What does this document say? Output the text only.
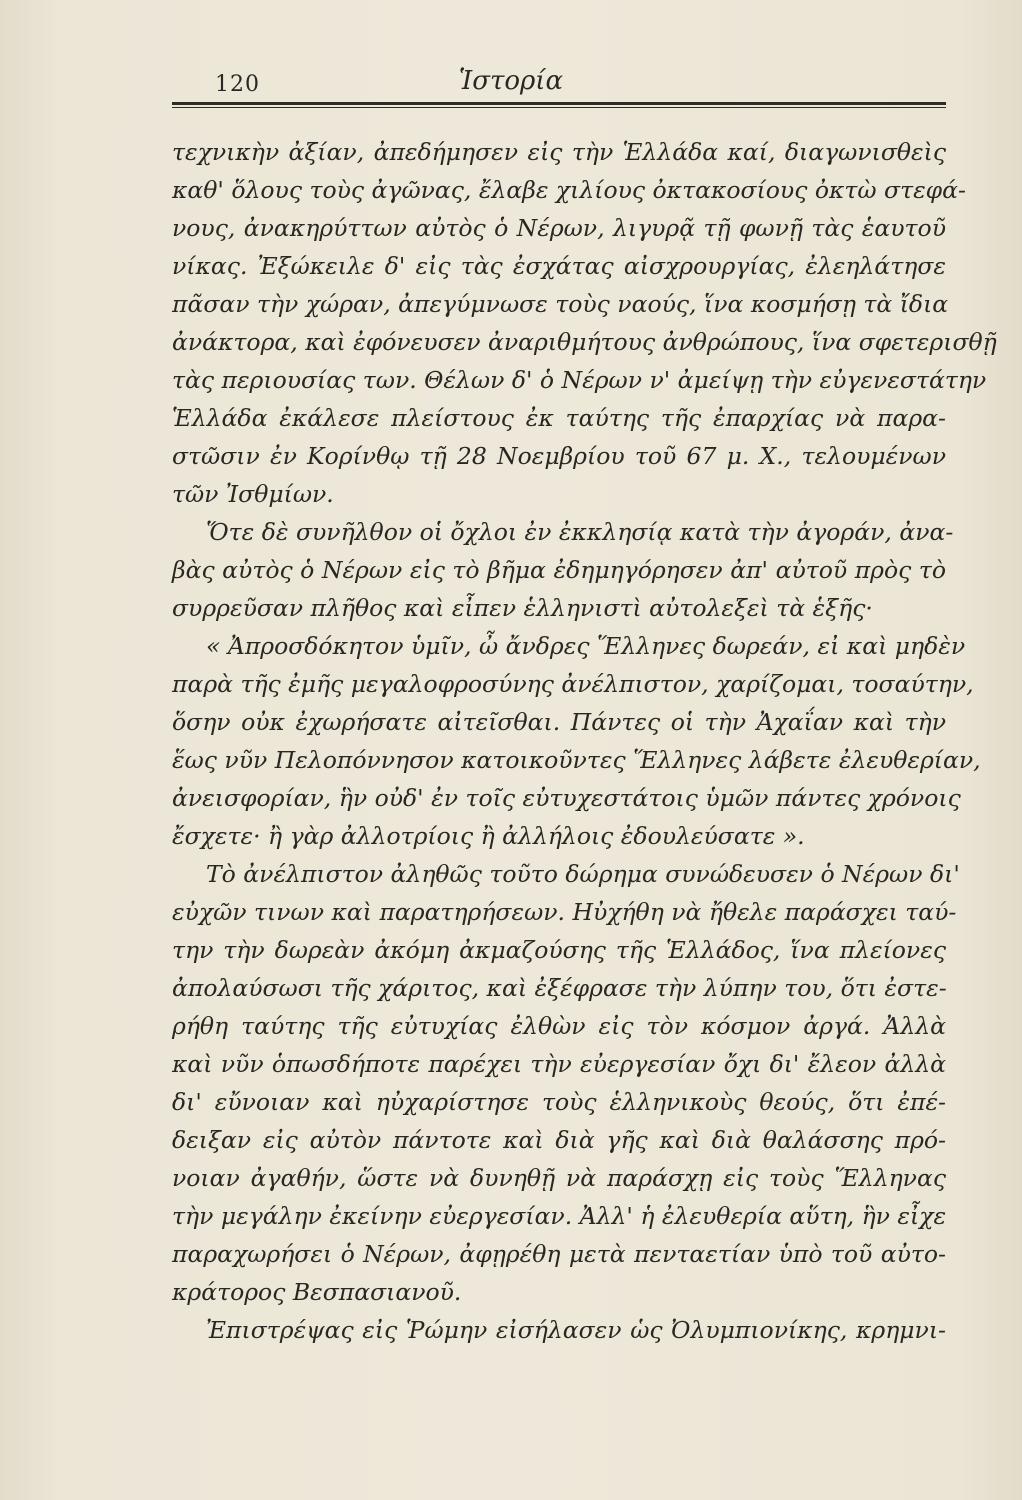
120	Ἱστορία
τεχνικὴν ἀξίαν, ἀπεδήμησεν εἰς τὴν Ἑλλάδα καί, διαγωνισθεὶς
καθ' ὅλους τοὺς ἀγῶνας, ἔλαβε χιλίους ὀκτακοσίους ὀκτὼ στεφά-
νους, ἀνακηρύττων αὐτὸς ὁ Νέρων, λιγυρᾷ τῇ φωνῇ τὰς ἑαυτοῦ
νίκας. Ἐξώκειλε δ' εἰς τὰς ἐσχάτας αἰσχρουργίας, ἐλεηλάτησε
πᾶσαν τὴν χώραν, ἀπεγύμνωσε τοὺς ναούς, ἵνα κοσμήσῃ τὰ ἴδια
ἀνάκτορα, καὶ ἐφόνευσεν ἀναριθμήτους ἀνθρώπους, ἵνα σφετερισθῇ
τὰς περιουσίας των. Θέλων δ' ὁ Νέρων ν' ἀμείψῃ τὴν εὐγενεστάτην
Ἑλλάδα ἐκάλεσε πλείστους ἐκ ταύτης τῆς ἐπαρχίας νὰ παρα-
στῶσιν ἐν Κορίνθῳ τῇ 28 Νοεμβρίου τοῦ 67 μ. Χ., τελουμένων
τῶν Ἰσθμίων.
Ὅτε δὲ συνῆλθον οἱ ὄχλοι ἐν ἐκκλησίᾳ κατὰ τὴν ἀγοράν, ἀνα-
βὰς αὐτὸς ὁ Νέρων εἰς τὸ βῆμα ἐδημηγόρησεν ἀπ' αὐτοῦ πρὸς τὸ
συρρεῦσαν πλῆθος καὶ εἶπεν ἑλληνιστὶ αὐτολεξεὶ τὰ ἑξῆς·
« Ἀπροσδόκητον ὑμῖν, ὦ ἄνδρες Ἕλληνες δωρεάν, εἰ καὶ μηδὲν
παρὰ τῆς ἐμῆς μεγαλοφροσύνης ἀνέλπιστον, χαρίζομαι, τοσαύτην,
ὅσην οὐκ ἐχωρήσατε αἰτεῖσθαι. Πάντες οἱ τὴν Ἀχαΐαν καὶ τὴν
ἕως νῦν Πελοπόννησον κατοικοῦντες Ἕλληνες λάβετε ἐλευθερίαν,
ἀνεισφορίαν, ἣν οὐδ' ἐν τοῖς εὐτυχεστάτοις ὑμῶν πάντες χρόνοις
ἔσχετε· ἢ γὰρ ἀλλοτρίοις ἢ ἀλλήλοις ἐδουλεύσατε ».
Τὸ ἀνέλπιστον ἀληθῶς τοῦτο δώρημα συνώδευσεν ὁ Νέρων δι'
εὐχῶν τινων καὶ παρατηρήσεων. Ηὐχήθη νὰ ἤθελε παράσχει ταύ-
την τὴν δωρεὰν ἀκόμη ἀκμαζούσης τῆς Ἑλλάδος, ἵνα πλείονες
ἀπολαύσωσι τῆς χάριτος, καὶ ἐξέφρασε τὴν λύπην του, ὅτι ἐστε-
ρήθη ταύτης τῆς εὐτυχίας ἐλθὼν εἰς τὸν κόσμον ἀργά. Ἀλλὰ
καὶ νῦν ὁπωσδήποτε παρέχει τὴν εὐεργεσίαν ὄχι δι' ἔλεον ἀλλὰ
δι' εὔνοιαν καὶ ηὐχαρίστησε τοὺς ἑλληνικοὺς θεούς, ὅτι ἐπέ-
δειξαν εἰς αὐτὸν πάντοτε καὶ διὰ γῆς καὶ διὰ θαλάσσης πρό-
νοιαν ἀγαθήν, ὥστε νὰ δυνηθῇ νὰ παράσχῃ εἰς τοὺς Ἕλληνας
τὴν μεγάλην ἐκείνην εὐεργεσίαν. Ἀλλ' ἡ ἐλευθερία αὕτη, ἣν εἶχε
παραχωρήσει ὁ Νέρων, ἀφῃρέθη μετὰ πενταετίαν ὑπὸ τοῦ αὐτο-
κράτορος Βεσπασιανοῦ.
Ἐπιστρέψας εἰς Ῥώμην εἰσήλασεν ὡς Ὀλυμπιονίκης, κρημνι-
